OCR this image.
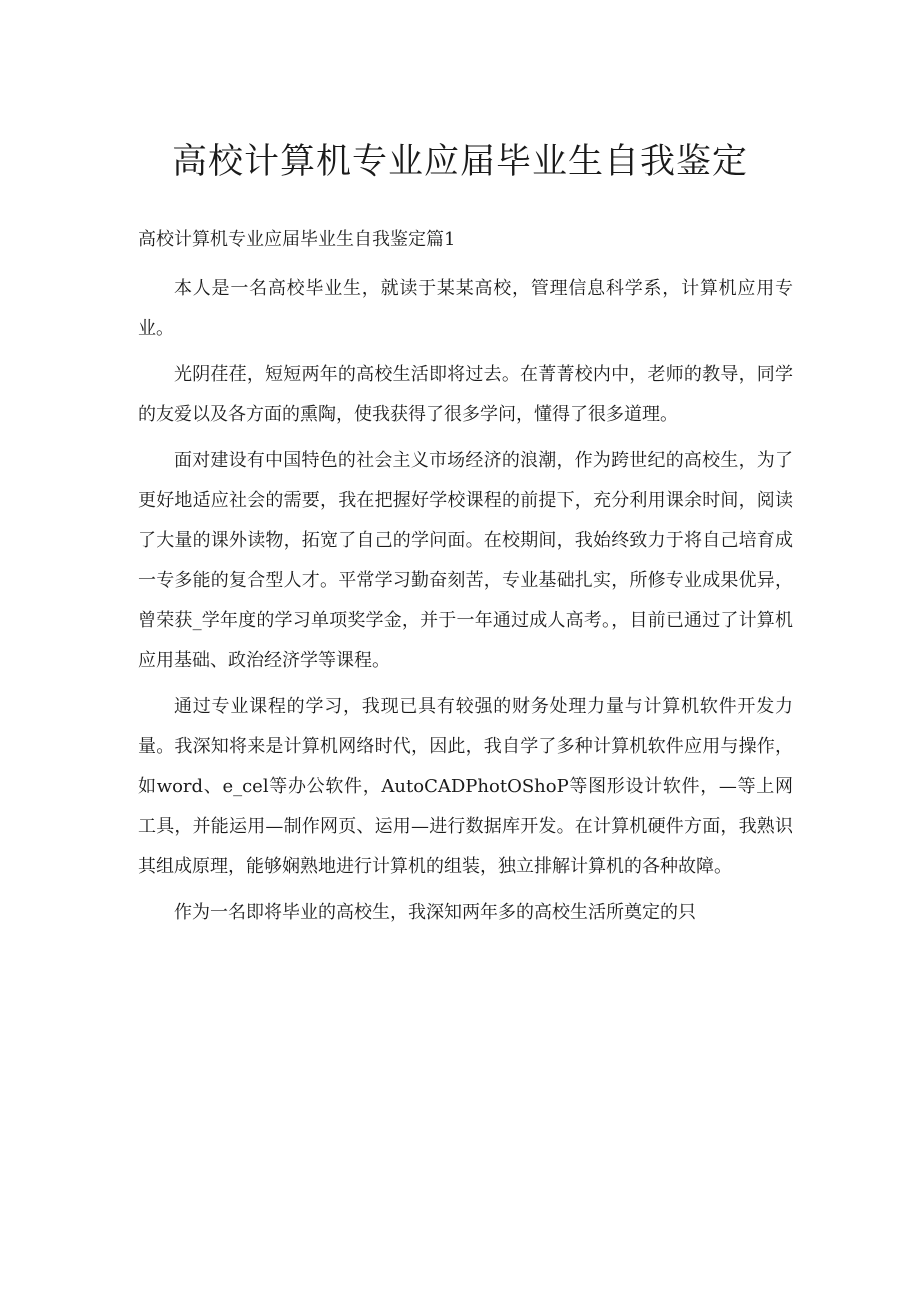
高校计算机专业应届毕业生自我鉴定

高校计算机专业应届毕业生自我鉴定篇1

本人是一名高校毕业生，就读于某某高校，管理信息科学系，计算机应用专业。

光阴荏荏，短短两年的高校生活即将过去。在菁菁校内中，老师的教导，同学的友爱以及各方面的熏陶，使我获得了很多学问，懂得了很多道理。

面对建设有中国特色的社会主义市场经济的浪潮，作为跨世纪的高校生，为了更好地适应社会的需要，我在把握好学校课程的前提下，充分利用课余时间，阅读了大量的课外读物，拓宽了自己的学问面。在校期间，我始终致力于将自己培育成一专多能的复合型人才。平常学习勤奋刻苦，专业基础扎实，所修专业成果优异，曾荣获_学年度的学习单项奖学金，并于一年通过成人高考。，目前已通过了计算机应用基础、政治经济学等课程。

通过专业课程的学习，我现已具有较强的财务处理力量与计算机软件开发力量。我深知将来是计算机网络时代，因此，我自学了多种计算机软件应用与操作，如word、e_cel等办公软件，AutoCADPhotOShoP等图形设计软件，—等上网工具，并能运用—制作网页、运用—进行数据库开发。在计算机硬件方面，我熟识其组成原理，能够娴熟地进行计算机的组装，独立排解计算机的各种故障。

作为一名即将毕业的高校生，我深知两年多的高校生活所奠定的只
